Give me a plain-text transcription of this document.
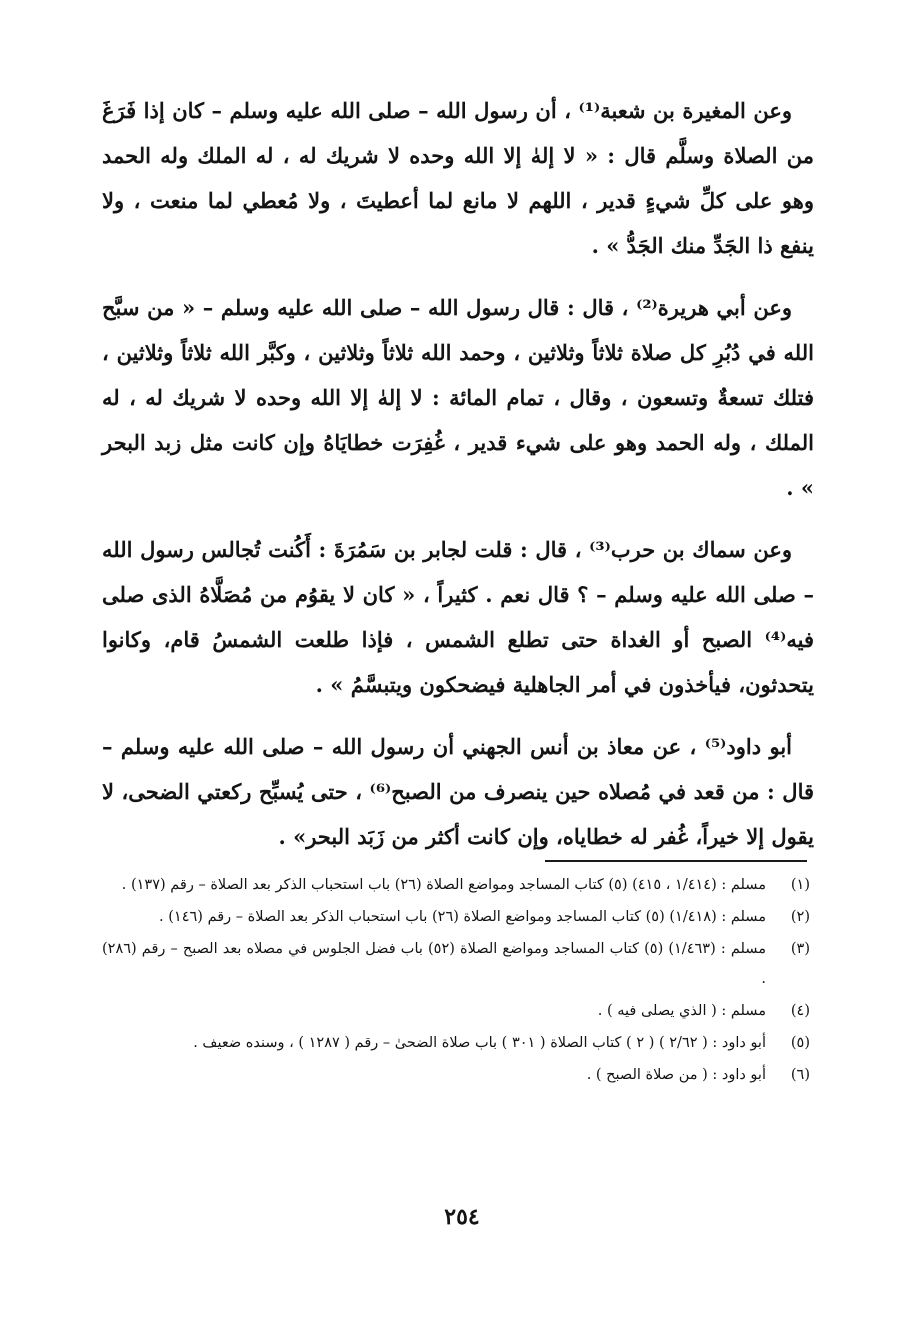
وعن المغيرة بن شعبة⁽¹⁾ ، أن رسول الله – صلى الله عليه وسلم – كان إذا فَرَغَ من الصلاة وسلَّم قال : « لا إلهٰ إلا الله وحده لا شريك له ، له الملك وله الحمد وهو على كلِّ شيءٍ قدير ، اللهم لا مانع لما أعطيتَ ، ولا مُعطي لما منعت ، ولا ينفع ذا الجَدِّ منك الجَدُّ » .

وعن أبي هريرة⁽²⁾ ، قال : قال رسول الله – صلى الله عليه وسلم – « من سبَّح الله في دُبُرِ كل صلاة ثلاثاً وثلاثين ، وحمد الله ثلاثاً وثلاثين ، وكبَّر الله ثلاثاً وثلاثين ، فتلك تسعةٌ وتسعون ، وقال ، تمام المائة : لا إلهٰ إلا الله وحده لا شريك له ، له الملك ، وله الحمد وهو على شيء قدير ، غُفِرَت خطايَاهُ وإن كانت مثل زبد البحر » .

وعن سماك بن حرب⁽³⁾ ، قال : قلت لجابر بن سَمُرَةَ : أَكُنت تُجالس رسول الله – صلى الله عليه وسلم – ؟ قال نعم . كثيراً ، « كان لا يقوُم من مُصَلَّاهُ الذى صلى فيه⁽⁴⁾ الصبح أو الغداة حتى تطلع الشمس ، فإذا طلعت الشمسُ قام، وكانوا يتحدثون، فيأخذون في أمر الجاهلية فيضحكون ويتبسَّمُ » .

أبو داود⁽⁵⁾ ، عن معاذ بن أنس الجهني أن رسول الله – صلى الله عليه وسلم – قال : من قعد في مُصلاه حين ينصرف من الصبح⁽⁶⁾ ، حتى يُسبِّح ركعتي الضحى، لا يقول إلا خيراً، غُفر له خطاياه، وإن كانت أكثر من زَبَد البحر» .

(١)
مسلم : (١/٤١٤ ، ٤١٥) (٥) كتاب المساجد ومواضع الصلاة (٢٦) باب استحباب الذكر بعد الصلاة – رقم (١٣٧) .
(٢)
مسلم : (١/٤١٨) (٥) كتاب المساجد ومواضع الصلاة (٢٦) باب استحباب الذكر بعد الصلاة – رقم (١٤٦) .
(٣)
مسلم : (١/٤٦٣) (٥) كتاب المساجد ومواضع الصلاة (٥٢) باب فضل الجلوس في مصلاه بعد الصبح – رقم (٢٨٦) .
(٤)
مسلم : ( الذي يصلى فيه ) .
(٥)
أبو داود : ( ٢/٦٢ ) ( ٢ ) كتاب الصلاة ( ٣٠١ ) باب صلاة الضحىٰ – رقم ( ١٢٨٧ ) ، وسنده ضعيف .
(٦)
أبو داود : ( من صلاة الصبح ) .
٢٥٤
